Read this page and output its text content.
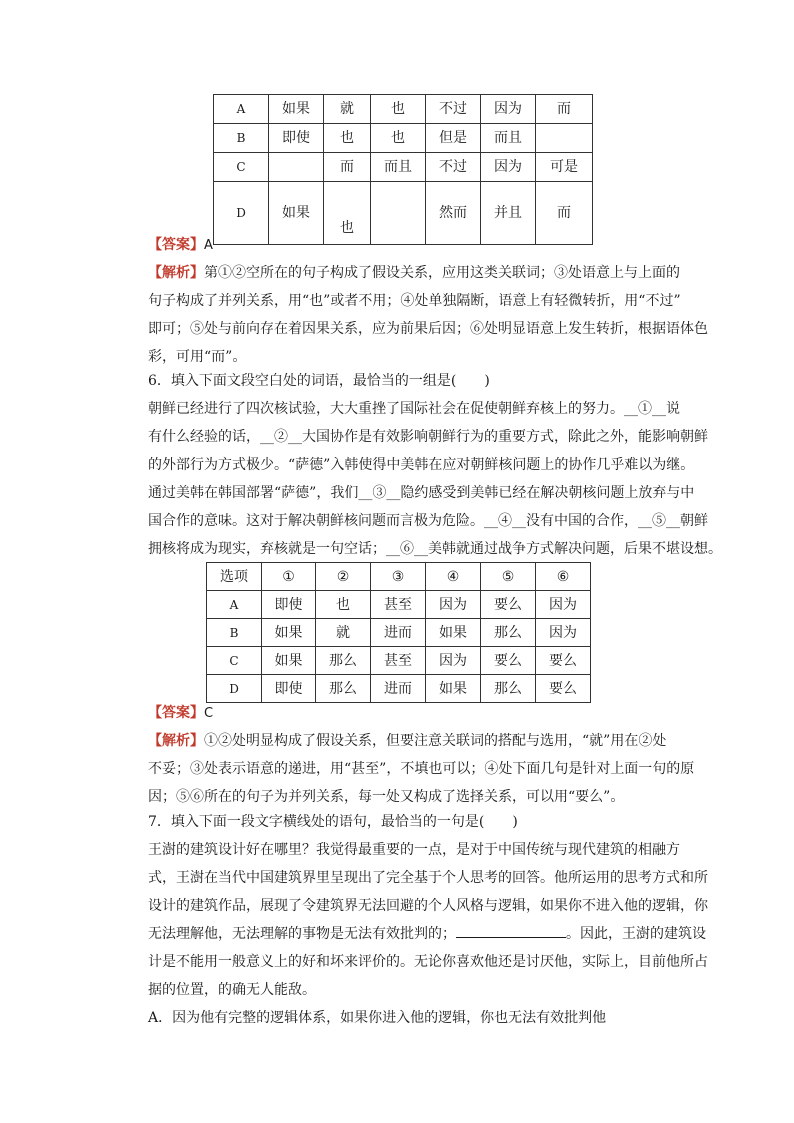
A	如果	就	也	不过	因为	而
B	即使	也	也	但是	而且	
C		而	而且	不过	因为	可是
D	如果	也		然而	并且	而
【答案】A
【解析】第①②空所在的句子构成了假设关系，应用这类关联词；③处语意上与上面的
句子构成了并列关系，用“也”或者不用；④处单独隔断，语意上有轻微转折，用“不过”
即可；⑤处与前向存在着因果关系，应为前果后因；⑥处明显语意上发生转折，根据语体色
彩，可用“而”。
6．填入下面文段空白处的词语，最恰当的一组是(　　)
朝鲜已经进行了四次核试验，大大重挫了国际社会在促使朝鲜弃核上的努力。__①__说
有什么经验的话，__②__大国协作是有效影响朝鲜行为的重要方式，除此之外，能影响朝鲜
的外部行为方式极少。“萨德”入韩使得中美韩在应对朝鲜核问题上的协作几乎难以为继。
通过美韩在韩国部署“萨德”，我们__③__隐约感受到美韩已经在解决朝核问题上放弃与中
国合作的意味。这对于解决朝鲜核问题而言极为危险。__④__没有中国的合作，__⑤__朝鲜
拥核将成为现实，弃核就是一句空话；__⑥__美韩就通过战争方式解决问题，后果不堪设想。
选项	①	②	③	④	⑤	⑥
A	即使	也	甚至	因为	要么	因为
B	如果	就	进而	如果	那么	因为
C	如果	那么	甚至	因为	要么	要么
D	即使	那么	进而	如果	那么	要么
【答案】C
【解析】①②处明显构成了假设关系，但要注意关联词的搭配与选用，“就”用在②处
不妥；③处表示语意的递进，用“甚至”，不填也可以；④处下面几句是针对上面一句的原
因；⑤⑥所在的句子为并列关系，每一处又构成了选择关系，可以用“要么”。
7．填入下面一段文字横线处的语句，最恰当的一句是(　　)
王澍的建筑设计好在哪里？我觉得最重要的一点，是对于中国传统与现代建筑的相融方
式，王澍在当代中国建筑界里呈现出了完全基于个人思考的回答。他所运用的思考方式和所
设计的建筑作品，展现了令建筑界无法回避的个人风格与逻辑，如果你不进入他的逻辑，你
无法理解他，无法理解的事物是无法有效批判的；	。因此，王澍的建筑设
计是不能用一般意义上的好和坏来评价的。无论你喜欢他还是讨厌他，实际上，目前他所占
据的位置，的确无人能敌。
A．因为他有完整的逻辑体系，如果你进入他的逻辑，你也无法有效批判他
